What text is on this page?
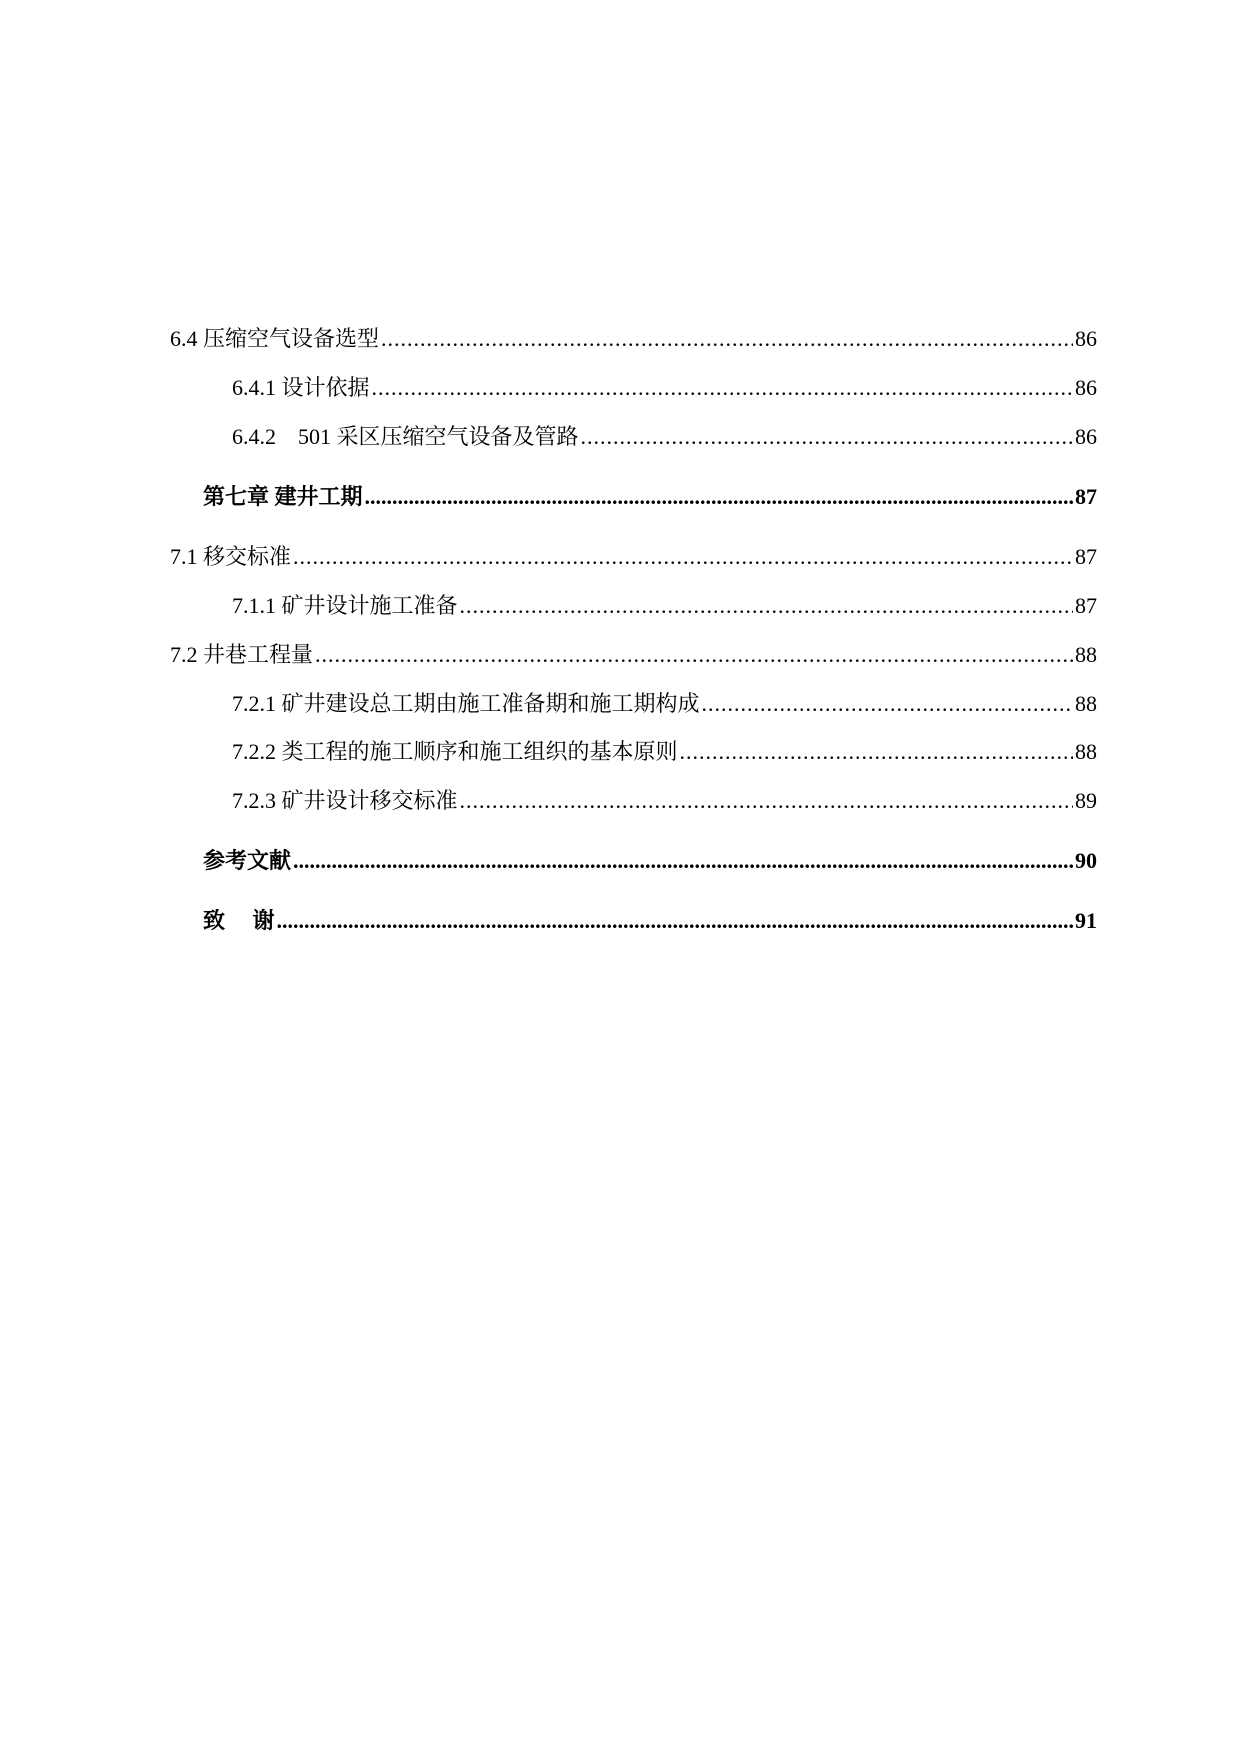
6.4 压缩空气设备选型 .....	86
6.4.1 设计依据 .....	86
6.4.2　501 采区压缩空气设备及管路 .....	86
第七章 建井工期 .....	87
7.1 移交标准 .....	87
7.1.1 矿井设计施工准备 .....	87
7.2 井巷工程量 .....	88
7.2.1 矿井建设总工期由施工准备期和施工期构成 .....	88
7.2.2 类工程的施工顺序和施工组织的基本原则 .....	88
7.2.3 矿井设计移交标准 .....	89
参考文献 .....	90
致　 谢 .....	91
